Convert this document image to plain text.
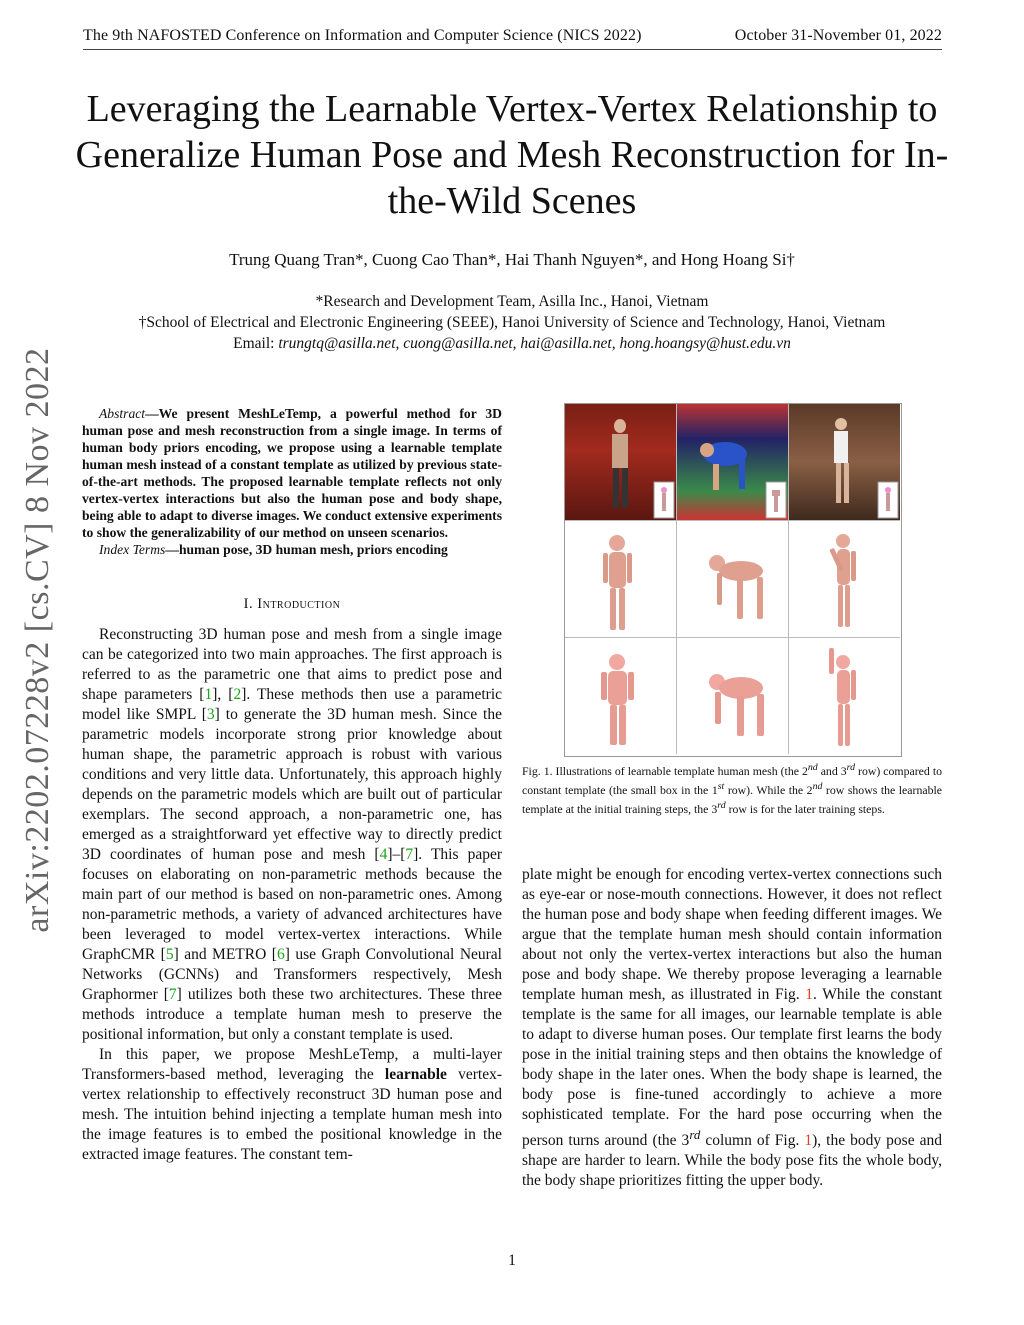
The 9th NAFOSTED Conference on Information and Computer Science (NICS 2022)	October 31-November 01, 2022
Leveraging the Learnable Vertex-Vertex Relationship to Generalize Human Pose and Mesh Reconstruction for In-the-Wild Scenes
Trung Quang Tran*, Cuong Cao Than*, Hai Thanh Nguyen*, and Hong Hoang Si†
*Research and Development Team, Asilla Inc., Hanoi, Vietnam
†School of Electrical and Electronic Engineering (SEEE), Hanoi University of Science and Technology, Hanoi, Vietnam
Email: trungtq@asilla.net, cuong@asilla.net, hai@asilla.net, hong.hoangsy@hust.edu.vn
arXiv:2202.07228v2 [cs.CV] 8 Nov 2022	Abstract—We present MeshLeTemp, a powerful method for 3D human pose and mesh reconstruction from a single image. In terms of human body priors encoding, we propose using a learnable template human mesh instead of a constant template as utilized by previous state-of-the-art methods. The proposed learnable template reflects not only vertex-vertex interactions but also the human pose and body shape, being able to adapt to diverse images. We conduct extensive experiments to show the generalizability of our method on unseen scenarios.

Index Terms—human pose, 3D human mesh, priors encoding

I. Introduction

Reconstructing 3D human pose and mesh from a single image can be categorized into two main approaches. The first approach is referred to as the parametric one that aims to predict pose and shape parameters [1], [2]. These methods then use a parametric model like SMPL [3] to generate the 3D human mesh. Since the parametric models incorporate strong prior knowledge about human shape, the parametric approach is robust with various conditions and very little data. Unfortunately, this approach highly depends on the parametric models which are built out of particular exemplars. The second approach, a non-parametric one, has emerged as a straightforward yet effective way to directly predict 3D coordinates of human pose and mesh [4]–[7]. This paper focuses on elaborating on non-parametric methods because the main part of our method is based on non-parametric ones. Among non-parametric methods, a variety of advanced architectures have been leveraged to model vertex-vertex interactions. While GraphCMR [5] and METRO [6] use Graph Convolutional Neural Networks (GCNNs) and Transformers respectively, Mesh Graphormer [7] utilizes both these two architectures. These three methods introduce a template human mesh to preserve the positional information, but only a constant template is used.

In this paper, we propose MeshLeTemp, a multi-layer Transformers-based method, leveraging the learnable vertex-vertex relationship to effectively reconstruct 3D human pose and mesh. The intuition behind injecting a template human mesh into the image features is to embed the positional knowledge in the extracted image features. The constant tem-

Fig. 1. Illustrations of learnable template human mesh (the 2nd and 3rd row) compared to constant template (the small box in the 1st row). While the 2nd row shows the learnable template at the initial training steps, the 3rd row is for the later training steps.

plate might be enough for encoding vertex-vertex connections such as eye-ear or nose-mouth connections. However, it does not reflect the human pose and body shape when feeding different images. We argue that the template human mesh should contain information about not only the vertex-vertex interactions but also the human pose and body shape. We thereby propose leveraging a learnable template human mesh, as illustrated in Fig. 1. While the constant template is the same for all images, our learnable template is able to adapt to diverse human poses. Our template first learns the body pose in the initial training steps and then obtains the knowledge of body shape in the later ones. When the body shape is learned, the body pose is fine-tuned accordingly to achieve a more sophisticated template. For the hard pose occurring when the person turns around (the 3rd column of Fig. 1), the body pose and shape are harder to learn. While the body pose fits the whole body, the body shape prioritizes fitting the upper body.

1
